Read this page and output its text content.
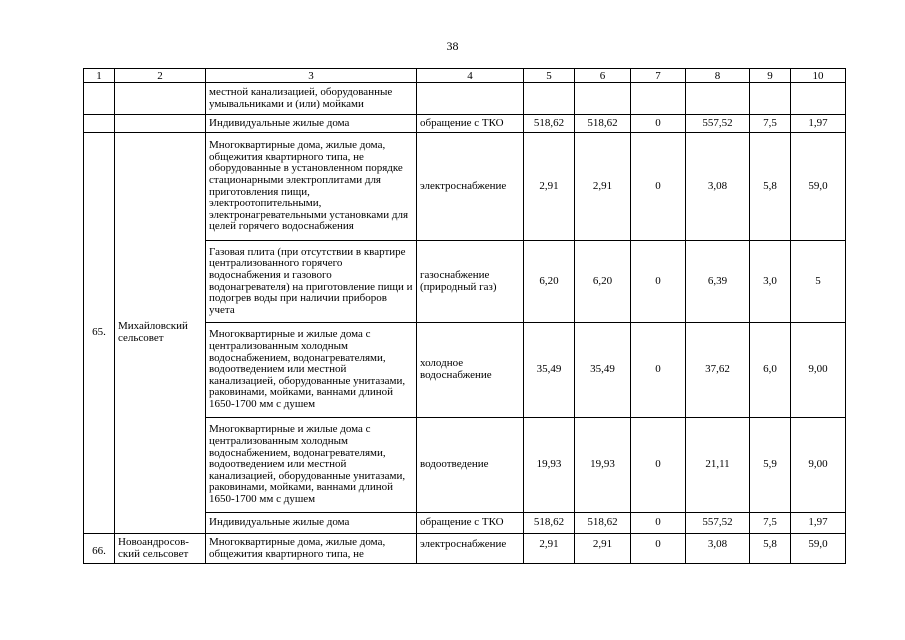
38
1	2	3	4	5	6	7	8	9	10
		местной канализацией, оборудованные умывальниками и (или) мойками							
		Индивидуальные жилые дома	обращение с ТКО	518,62	518,62	0	557,52	7,5	1,97
65.	Михайловский сельсовет	Многоквартирные дома, жилые дома, общежития квартирного типа, не оборудованные в установленном порядке стационарными электроплитами для приготовления пищи, электроотопительными, электронагревательными установками для целей горячего водоснабжения	электроснабжение	2,91	2,91	0	3,08	5,8	59,0
		Газовая плита (при отсутствии в квартире централизованного горячего водоснабжения и газового водонагревателя) на приготовление пищи и подогрев воды при наличии приборов учета	газоснабжение (природный газ)	6,20	6,20	0	6,39	3,0	5
		Многоквартирные и жилые дома с централизованным холодным водоснабжением, водонагревателями, водоотведением или местной канализацией, оборудованные унитазами, раковинами, мойками, ваннами длиной 1650-1700 мм с душем	холодное водоснабжение	35,49	35,49	0	37,62	6,0	9,00
		Многоквартирные и жилые дома с централизованным холодным водоснабжением, водонагревателями, водоотведением или местной канализацией, оборудованные унитазами, раковинами, мойками, ваннами длиной 1650-1700 мм с душем	водоотведение	19,93	19,93	0	21,11	5,9	9,00
		Индивидуальные жилые дома	обращение с ТКО	518,62	518,62	0	557,52	7,5	1,97
66.	Новоандросов-ский сельсовет	Многоквартирные дома, жилые дома, общежития квартирного типа, не	электроснабжение	2,91	2,91	0	3,08	5,8	59,0
